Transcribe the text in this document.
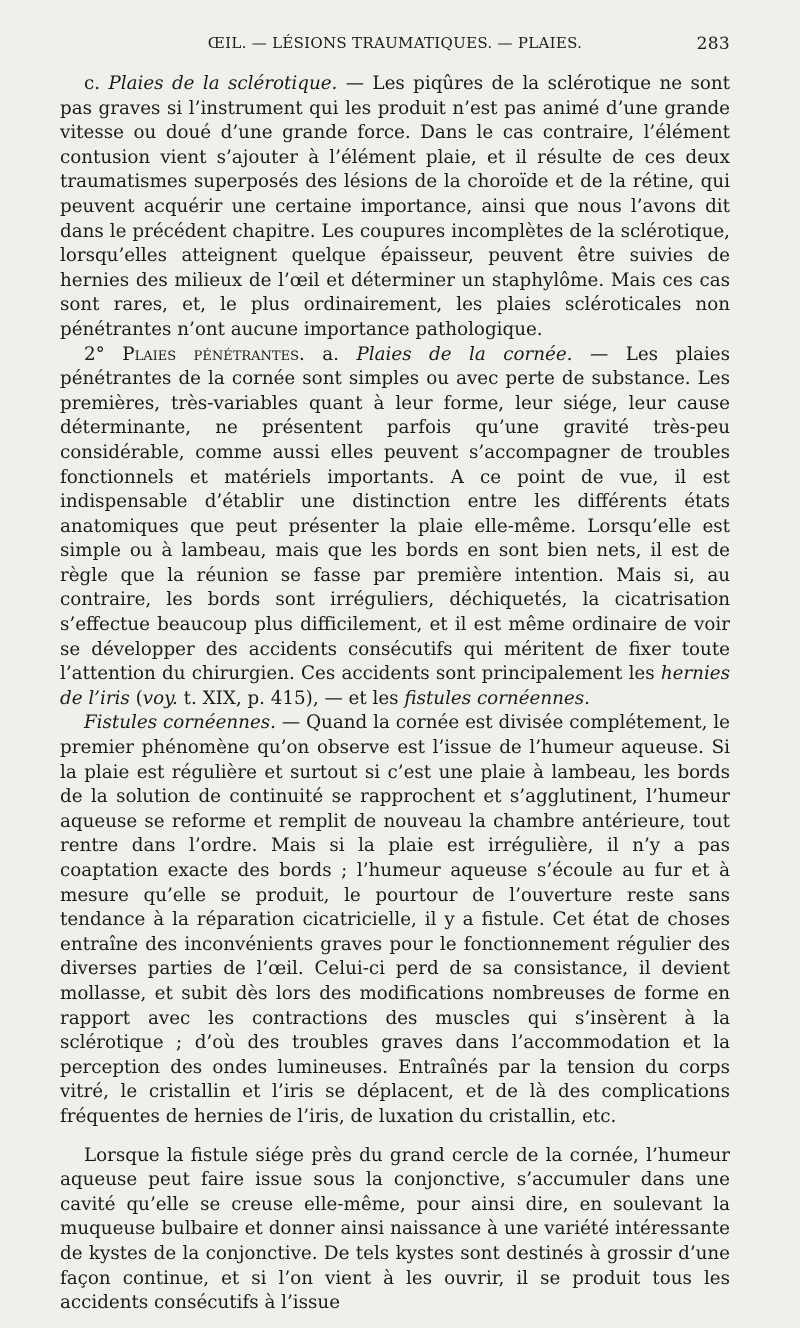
ŒIL. — LÉSIONS TRAUMATIQUES. — PLAIES.	283

c. Plaies de la sclérotique. — Les piqûres de la sclérotique ne sont pas graves si l’instrument qui les produit n’est pas animé d’une grande vitesse ou doué d’une grande force. Dans le cas contraire, l’élément contusion vient s’ajouter à l’élément plaie, et il résulte de ces deux traumatismes superposés des lésions de la choroïde et de la rétine, qui peuvent acquérir une certaine importance, ainsi que nous l’avons dit dans le précédent chapitre. Les coupures incomplètes de la sclérotique, lorsqu’elles atteignent quelque épaisseur, peuvent être suivies de hernies des milieux de l’œil et déterminer un staphylôme. Mais ces cas sont rares, et, le plus ordinairement, les plaies scléroticales non pénétrantes n’ont aucune importance pathologique.

2° Plaies pénétrantes. a. Plaies de la cornée. — Les plaies pénétrantes de la cornée sont simples ou avec perte de substance. Les premières, très-variables quant à leur forme, leur siége, leur cause déterminante, ne présentent parfois qu’une gravité très-peu considérable, comme aussi elles peuvent s’accompagner de troubles fonctionnels et matériels importants. A ce point de vue, il est indispensable d’établir une distinction entre les différents états anatomiques que peut présenter la plaie elle-même. Lorsqu’elle est simple ou à lambeau, mais que les bords en sont bien nets, il est de règle que la réunion se fasse par première intention. Mais si, au contraire, les bords sont irréguliers, déchiquetés, la cicatrisation s’effectue beaucoup plus difficilement, et il est même ordinaire de voir se développer des accidents consécutifs qui méritent de fixer toute l’attention du chirurgien. Ces accidents sont principalement les hernies de l’iris (voy. t. XIX, p. 415), — et les fistules cornéennes.

Fistules cornéennes. — Quand la cornée est divisée complétement, le premier phénomène qu’on observe est l’issue de l’humeur aqueuse. Si la plaie est régulière et surtout si c’est une plaie à lambeau, les bords de la solution de continuité se rapprochent et s’agglutinent, l’humeur aqueuse se reforme et remplit de nouveau la chambre antérieure, tout rentre dans l’ordre. Mais si la plaie est irrégulière, il n’y a pas coaptation exacte des bords ; l’humeur aqueuse s’écoule au fur et à mesure qu’elle se produit, le pourtour de l’ouverture reste sans tendance à la réparation cicatricielle, il y a fistule. Cet état de choses entraîne des inconvénients graves pour le fonctionnement régulier des diverses parties de l’œil. Celui-ci perd de sa consistance, il devient mollasse, et subit dès lors des modifications nombreuses de forme en rapport avec les contractions des muscles qui s’insèrent à la sclérotique ; d’où des troubles graves dans l’accommodation et la perception des ondes lumineuses. Entraînés par la tension du corps vitré, le cristallin et l’iris se déplacent, et de là des complications fréquentes de hernies de l’iris, de luxation du cristallin, etc.

Lorsque la fistule siége près du grand cercle de la cornée, l’humeur aqueuse peut faire issue sous la conjonctive, s’accumuler dans une cavité qu’elle se creuse elle-même, pour ainsi dire, en soulevant la muqueuse bulbaire et donner ainsi naissance à une variété intéressante de kystes de la conjonctive. De tels kystes sont destinés à grossir d’une façon continue, et si l’on vient à les ouvrir, il se produit tous les accidents consécutifs à l’issue
